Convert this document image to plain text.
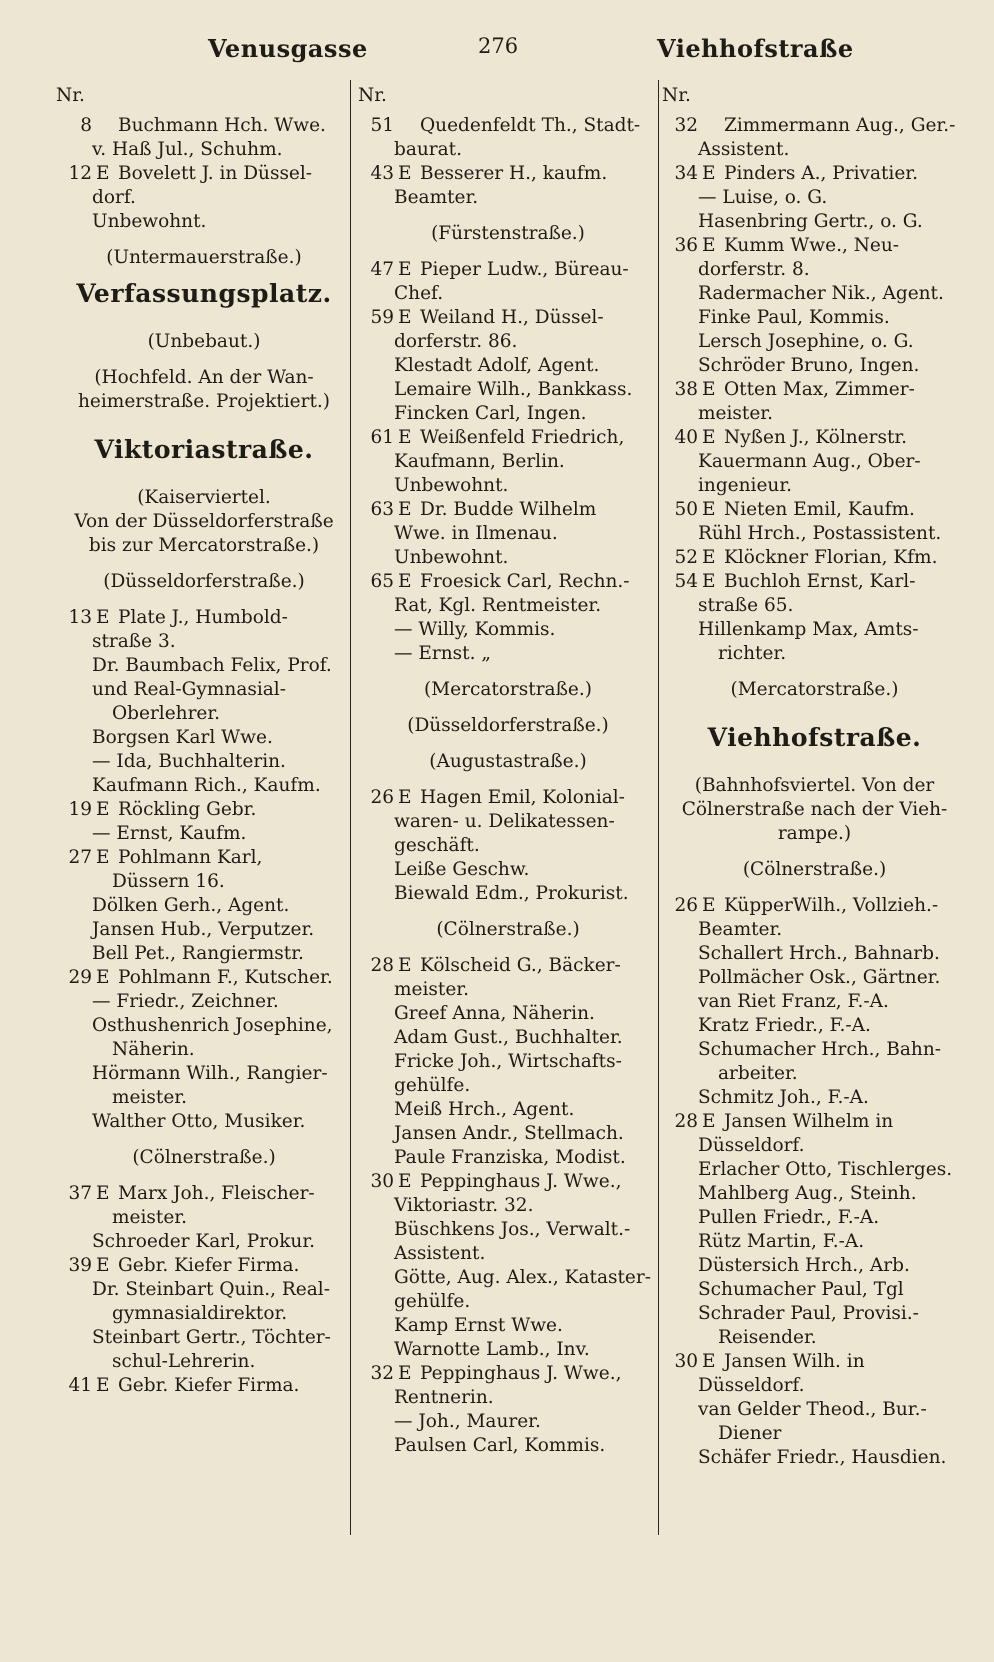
Venusgasse	276	Viehhofstraße
Nr.
8 Buchmann Hch. Wwe.
v. Haß Jul., Schuhm.
12 E Bovelett J. in Düssel-
dorf.
Unbewohnt.
(Untermauerstraße.)
Verfassungsplatz.
(Unbebaut.)
(Hochfeld. An der Wan-
heimerstraße. Projektiert.)
Viktoriastraße.
(Kaiserviertel.
Von der Düsseldorferstraße
bis zur Mercatorstraße.)
(Düsseldorferstraße.)
13 E Plate J., Humbold-
straße 3.
Dr. Baumbach Felix, Prof.
und Real-Gymnasial-
Oberlehrer.
Borgsen Karl Wwe.
— Ida, Buchhalterin.
Kaufmann Rich., Kaufm.
19 E Röckling Gebr.
— Ernst, Kaufm.
27 E Pohlmann Karl,
Düssern 16.
Dölken Gerh., Agent.
Jansen Hub., Verputzer.
Bell Pet., Rangiermstr.
29 E Pohlmann F., Kutscher.
— Friedr., Zeichner.
Osthushenrich Josephine,
Näherin.
Hörmann Wilh., Rangier-
meister.
Walther Otto, Musiker.
(Cölnerstraße.)
37 E Marx Joh., Fleischer-
meister.
Schroeder Karl, Prokur.
39 E Gebr. Kiefer Firma.
Dr. Steinbart Quin., Real-
gymnasialdirektor.
Steinbart Gertr., Töchter-
schul-Lehrerin.
41 E Gebr. Kiefer Firma.
Nr.
51 Quedenfeldt Th., Stadt-
baurat.
43 E Besserer H., kaufm.
Beamter.
(Fürstenstraße.)
47 E Pieper Ludw., Büreau-
Chef.
59 E Weiland H., Düssel-
dorferstr. 86.
Klestadt Adolf, Agent.
Lemaire Wilh., Bankkass.
Fincken Carl, Ingen.
61 E Weißenfeld Friedrich,
Kaufmann, Berlin.
Unbewohnt.
63 E Dr. Budde Wilhelm
Wwe. in Ilmenau.
Unbewohnt.
65 E Froesick Carl, Rechn.-
Rat, Kgl. Rentmeister.
— Willy, Kommis.
— Ernst. „
(Mercatorstraße.)
(Düsseldorferstraße.)
(Augustastraße.)
26 E Hagen Emil, Kolonial-
waren- u. Delikatessen-
geschäft.
Leiße Geschw.
Biewald Edm., Prokurist.
(Cölnerstraße.)
28 E Kölscheid G., Bäcker-
meister.
Greef Anna, Näherin.
Adam Gust., Buchhalter.
Fricke Joh., Wirtschafts-
gehülfe.
Meiß Hrch., Agent.
Jansen Andr., Stellmach.
Paule Franziska, Modist.
30 E Peppinghaus J. Wwe.,
Viktoriastr. 32.
Büschkens Jos., Verwalt.-
Assistent.
Götte, Aug. Alex., Kataster-
gehülfe.
Kamp Ernst Wwe.
Warnotte Lamb., Inv.
32 E Peppinghaus J. Wwe.,
Rentnerin.
— Joh., Maurer.
Paulsen Carl, Kommis.
Nr.
32 Zimmermann Aug., Ger.-
Assistent.
34 E Pinders A., Privatier.
— Luise, o. G.
Hasenbring Gertr., o. G.
36 E Kumm Wwe., Neu-
dorferstr. 8.
Radermacher Nik., Agent.
Finke Paul, Kommis.
Lersch Josephine, o. G.
Schröder Bruno, Ingen.
38 E Otten Max, Zimmer-
meister.
40 E Nyßen J., Kölnerstr.
Kauermann Aug., Ober-
ingenieur.
50 E Nieten Emil, Kaufm.
Rühl Hrch., Postassistent.
52 E Klöckner Florian, Kfm.
54 E Buchloh Ernst, Karl-
straße 65.
Hillenkamp Max, Amts-
richter.
(Mercatorstraße.)
Viehhofstraße.
(Bahnhofsviertel. Von der
Cölnerstraße nach der Vieh-
rampe.)
(Cölnerstraße.)
26 E KüpperWilh., Vollzieh.-
Beamter.
Schallert Hrch., Bahnarb.
Pollmächer Osk., Gärtner.
van Riet Franz, F.-A.
Kratz Friedr., F.-A.
Schumacher Hrch., Bahn-
arbeiter.
Schmitz Joh., F.-A.
28 E Jansen Wilhelm in
Düsseldorf.
Erlacher Otto, Tischlerges.
Mahlberg Aug., Steinh.
Pullen Friedr., F.-A.
Rütz Martin, F.-A.
Düstersich Hrch., Arb.
Schumacher Paul, Tgl
Schrader Paul, Provisi.-
Reisender.
30 E Jansen Wilh. in
Düsseldorf.
van Gelder Theod., Bur.-
Diener
Schäfer Friedr., Hausdien.
